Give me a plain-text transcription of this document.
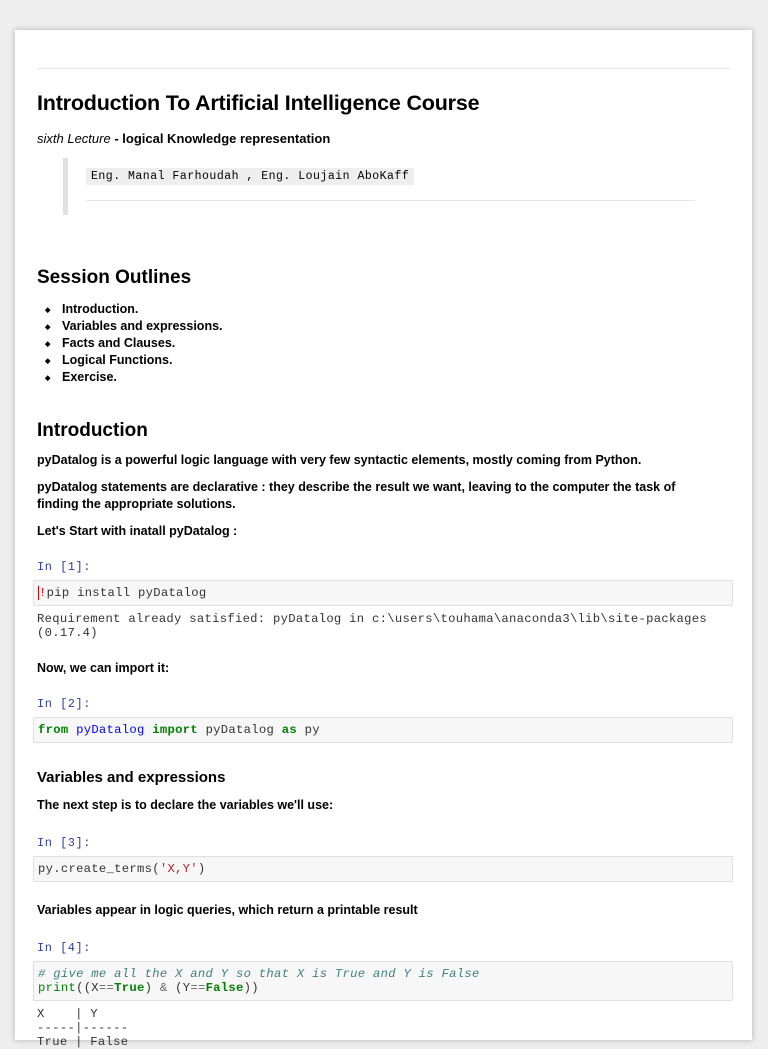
Introduction To Artificial Intelligence Course
sixth Lecture - logical Knowledge representation
Eng. Manal Farhoudah , Eng. Loujain AboKaff
Session Outlines
◆ Introduction.
◆ Variables and expressions.
◆ Facts and Clauses.
◆ Logical Functions.
◆ Exercise.
Introduction

pyDatalog is a powerful logic language with very few syntactic elements, mostly coming from Python.

pyDatalog statements are declarative : they describe the result we want, leaving to the computer the task of
finding the appropriate solutions.

Let's Start with inatall pyDatalog :

In [1]:
!pip install pyDatalog
Requirement already satisfied: pyDatalog in c:\users\touhama\anaconda3\lib\site-packages
(0.17.4)

Now, we can import it:

In [2]:
from pyDatalog import pyDatalog as py
Variables and expressions

The next step is to declare the variables we'll use:

In [3]:
py.create_terms('X,Y')

Variables appear in logic queries, which return a printable result

In [4]:
# give me all the X and Y so that X is True and Y is False
print((X==True) & (Y==False))
X    | Y
-----|------
True | False
